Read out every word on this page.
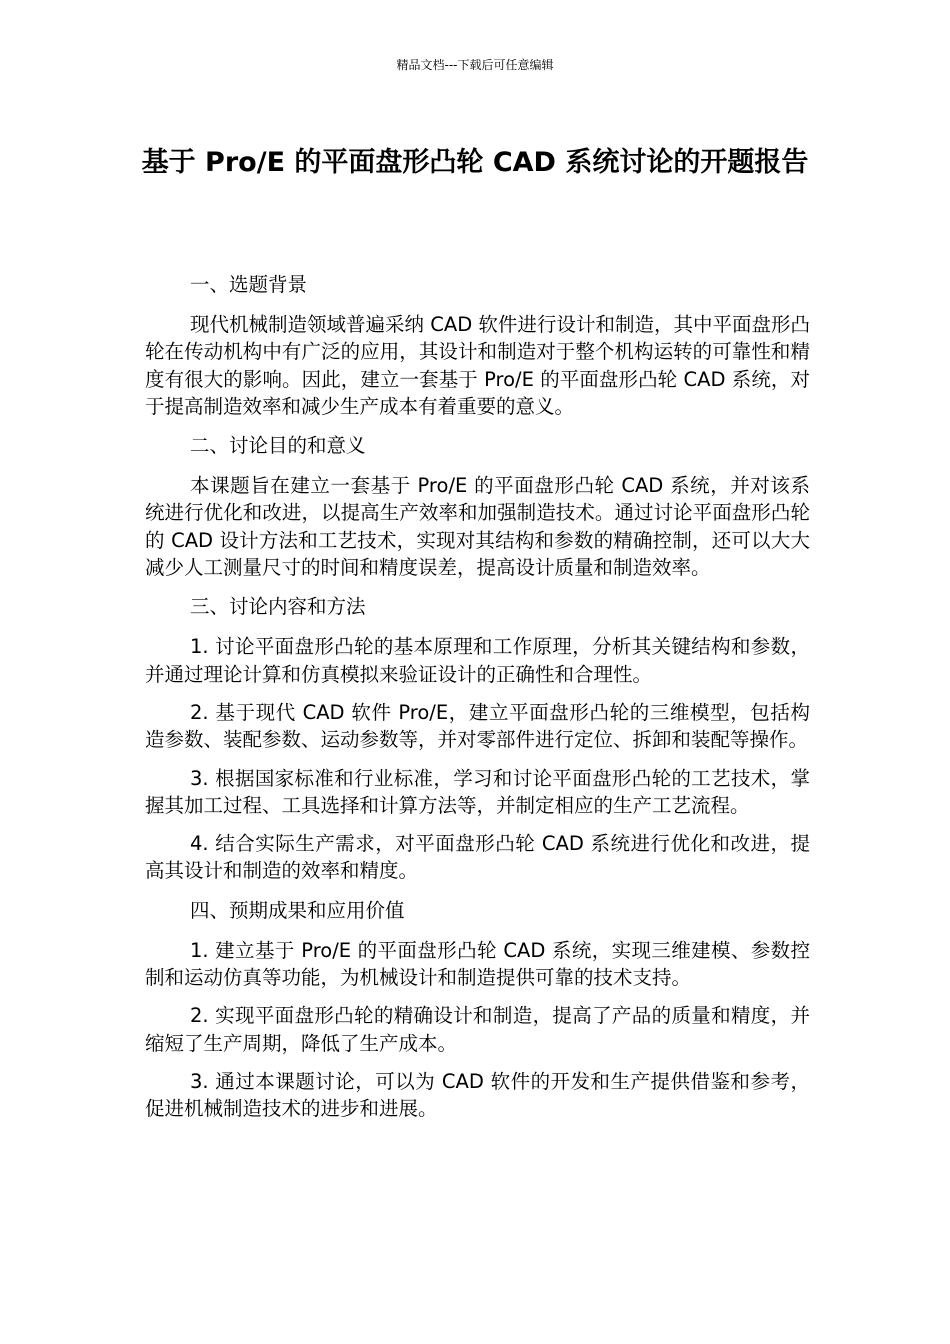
精品文档---下载后可任意编辑
基于 Pro/E 的平面盘形凸轮 CAD 系统讨论的开题报告

一、选题背景

现代机械制造领域普遍采纳 CAD 软件进行设计和制造，其中平面盘形凸轮在传动机构中有广泛的应用，其设计和制造对于整个机构运转的可靠性和精度有很大的影响。因此，建立一套基于 Pro/E 的平面盘形凸轮 CAD 系统，对于提高制造效率和减少生产成本有着重要的意义。

二、讨论目的和意义

本课题旨在建立一套基于 Pro/E 的平面盘形凸轮 CAD 系统，并对该系统进行优化和改进，以提高生产效率和加强制造技术。通过讨论平面盘形凸轮的 CAD 设计方法和工艺技术，实现对其结构和参数的精确控制，还可以大大减少人工测量尺寸的时间和精度误差，提高设计质量和制造效率。

三、讨论内容和方法

1. 讨论平面盘形凸轮的基本原理和工作原理，分析其关键结构和参数，并通过理论计算和仿真模拟来验证设计的正确性和合理性。

2. 基于现代 CAD 软件 Pro/E，建立平面盘形凸轮的三维模型，包括构造参数、装配参数、运动参数等，并对零部件进行定位、拆卸和装配等操作。

3. 根据国家标准和行业标准，学习和讨论平面盘形凸轮的工艺技术，掌握其加工过程、工具选择和计算方法等，并制定相应的生产工艺流程。

4. 结合实际生产需求，对平面盘形凸轮 CAD 系统进行优化和改进，提高其设计和制造的效率和精度。

四、预期成果和应用价值

1. 建立基于 Pro/E 的平面盘形凸轮 CAD 系统，实现三维建模、参数控制和运动仿真等功能，为机械设计和制造提供可靠的技术支持。

2. 实现平面盘形凸轮的精确设计和制造，提高了产品的质量和精度，并缩短了生产周期，降低了生产成本。

3. 通过本课题讨论，可以为 CAD 软件的开发和生产提供借鉴和参考，促进机械制造技术的进步和进展。
